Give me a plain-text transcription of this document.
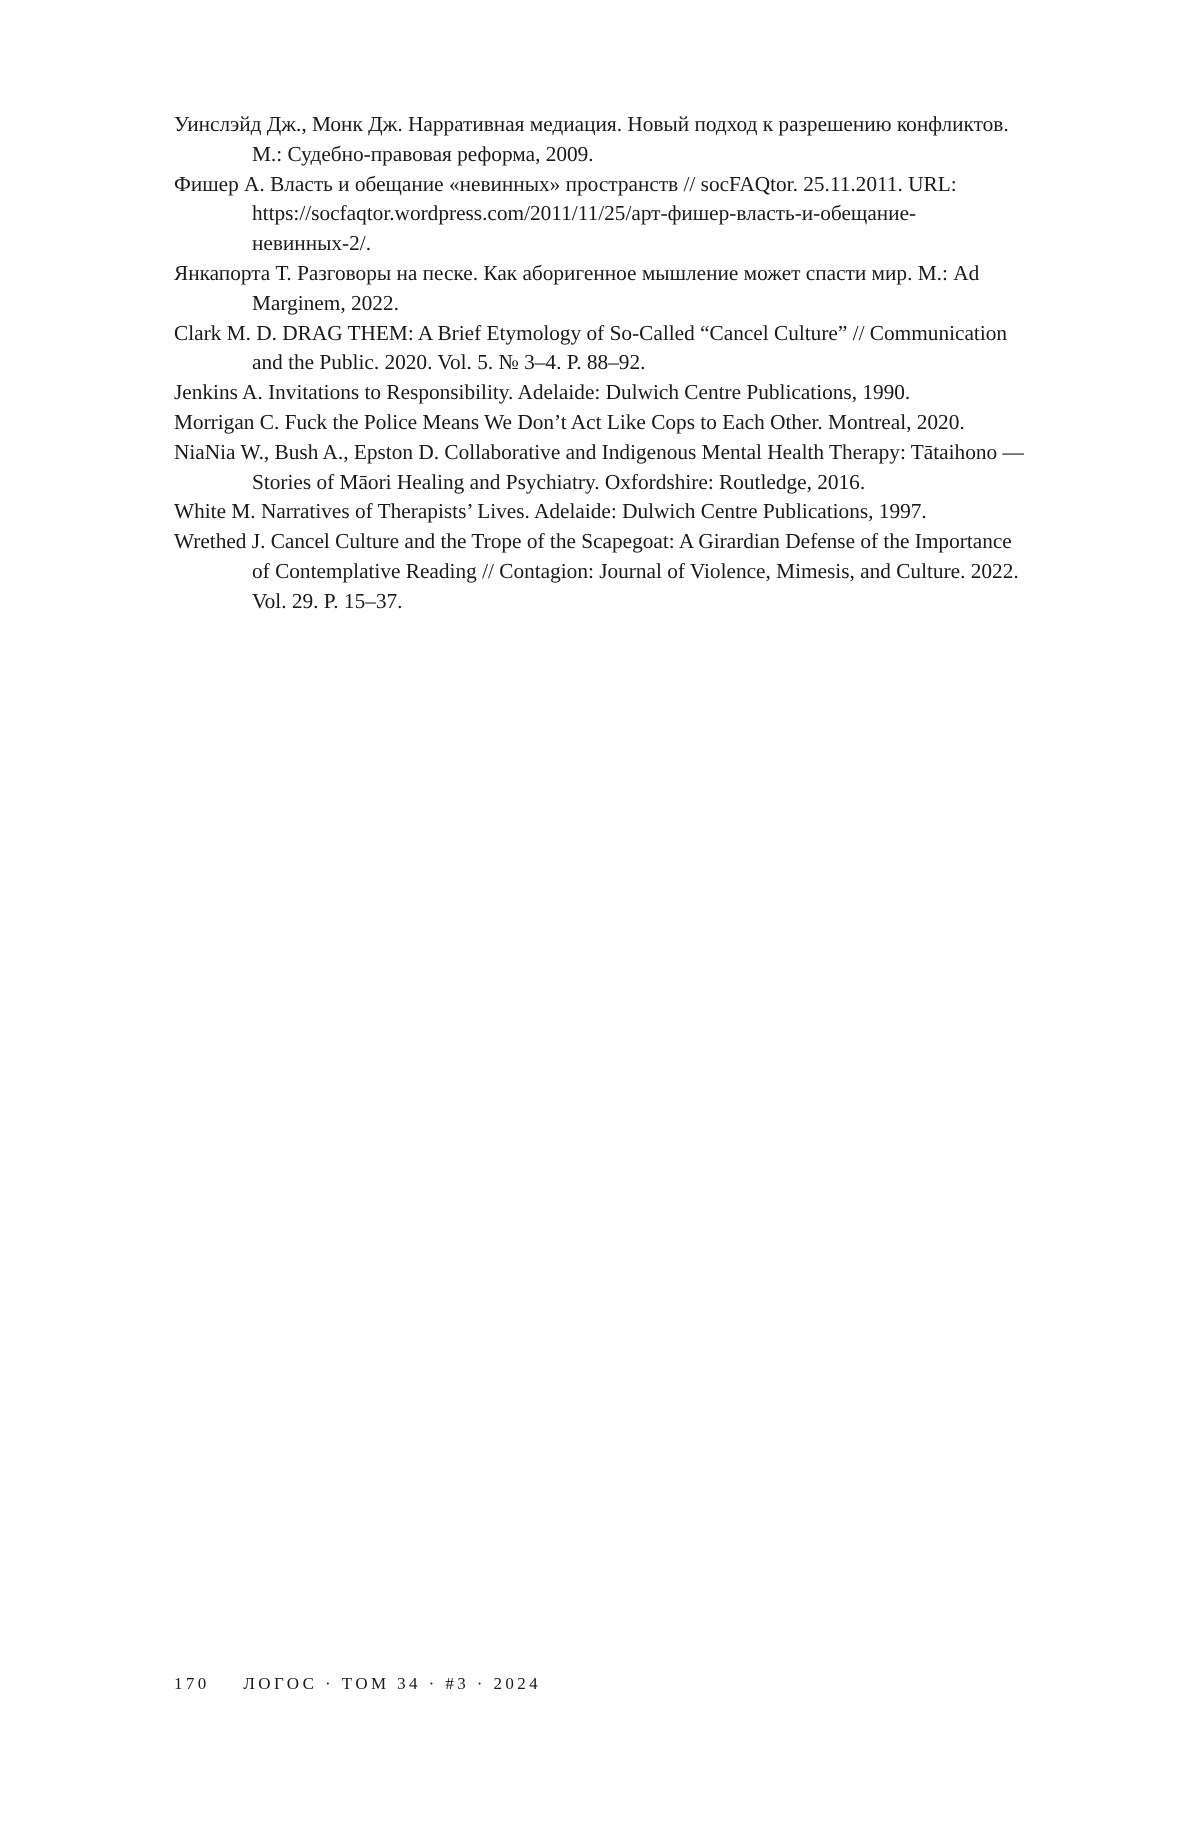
Уинслэйд Дж., Монк Дж. Нарративная медиация. Новый подход к разрешению конфликтов. М.: Судебно-правовая реформа, 2009.

Фишер А. Власть и обещание «невинных» пространств // socFAQtor. 25.11.2011. URL: https://socfaqtor.wordpress.com/2011/11/25/арт-фишер-власть-и-обещание-невинных-2/.

Янкапорта Т. Разговоры на песке. Как аборигенное мышление может спасти мир. М.: Ad Marginem, 2022.

Clark M. D. DRAG THEM: A Brief Etymology of So-Called “Cancel Culture” // Communication and the Public. 2020. Vol. 5. № 3–4. P. 88–92.

Jenkins A. Invitations to Responsibility. Adelaide: Dulwich Centre Publications, 1990.

Morrigan C. Fuck the Police Means We Don’t Act Like Cops to Each Other. Montreal, 2020.

NiaNia W., Bush A., Epston D. Collaborative and Indigenous Mental Health Therapy: Tātaihono — Stories of Māori Healing and Psychiatry. Oxfordshire: Routledge, 2016.

White M. Narratives of Therapists’ Lives. Adelaide: Dulwich Centre Publications, 1997.

Wrethed J. Cancel Culture and the Trope of the Scapegoat: A Girardian Defense of the Importance of Contemplative Reading // Contagion: Journal of Violence, Mimesis, and Culture. 2022. Vol. 29. P. 15–37.

170 ЛОГОС · ТОМ 34 · #3 · 2024
